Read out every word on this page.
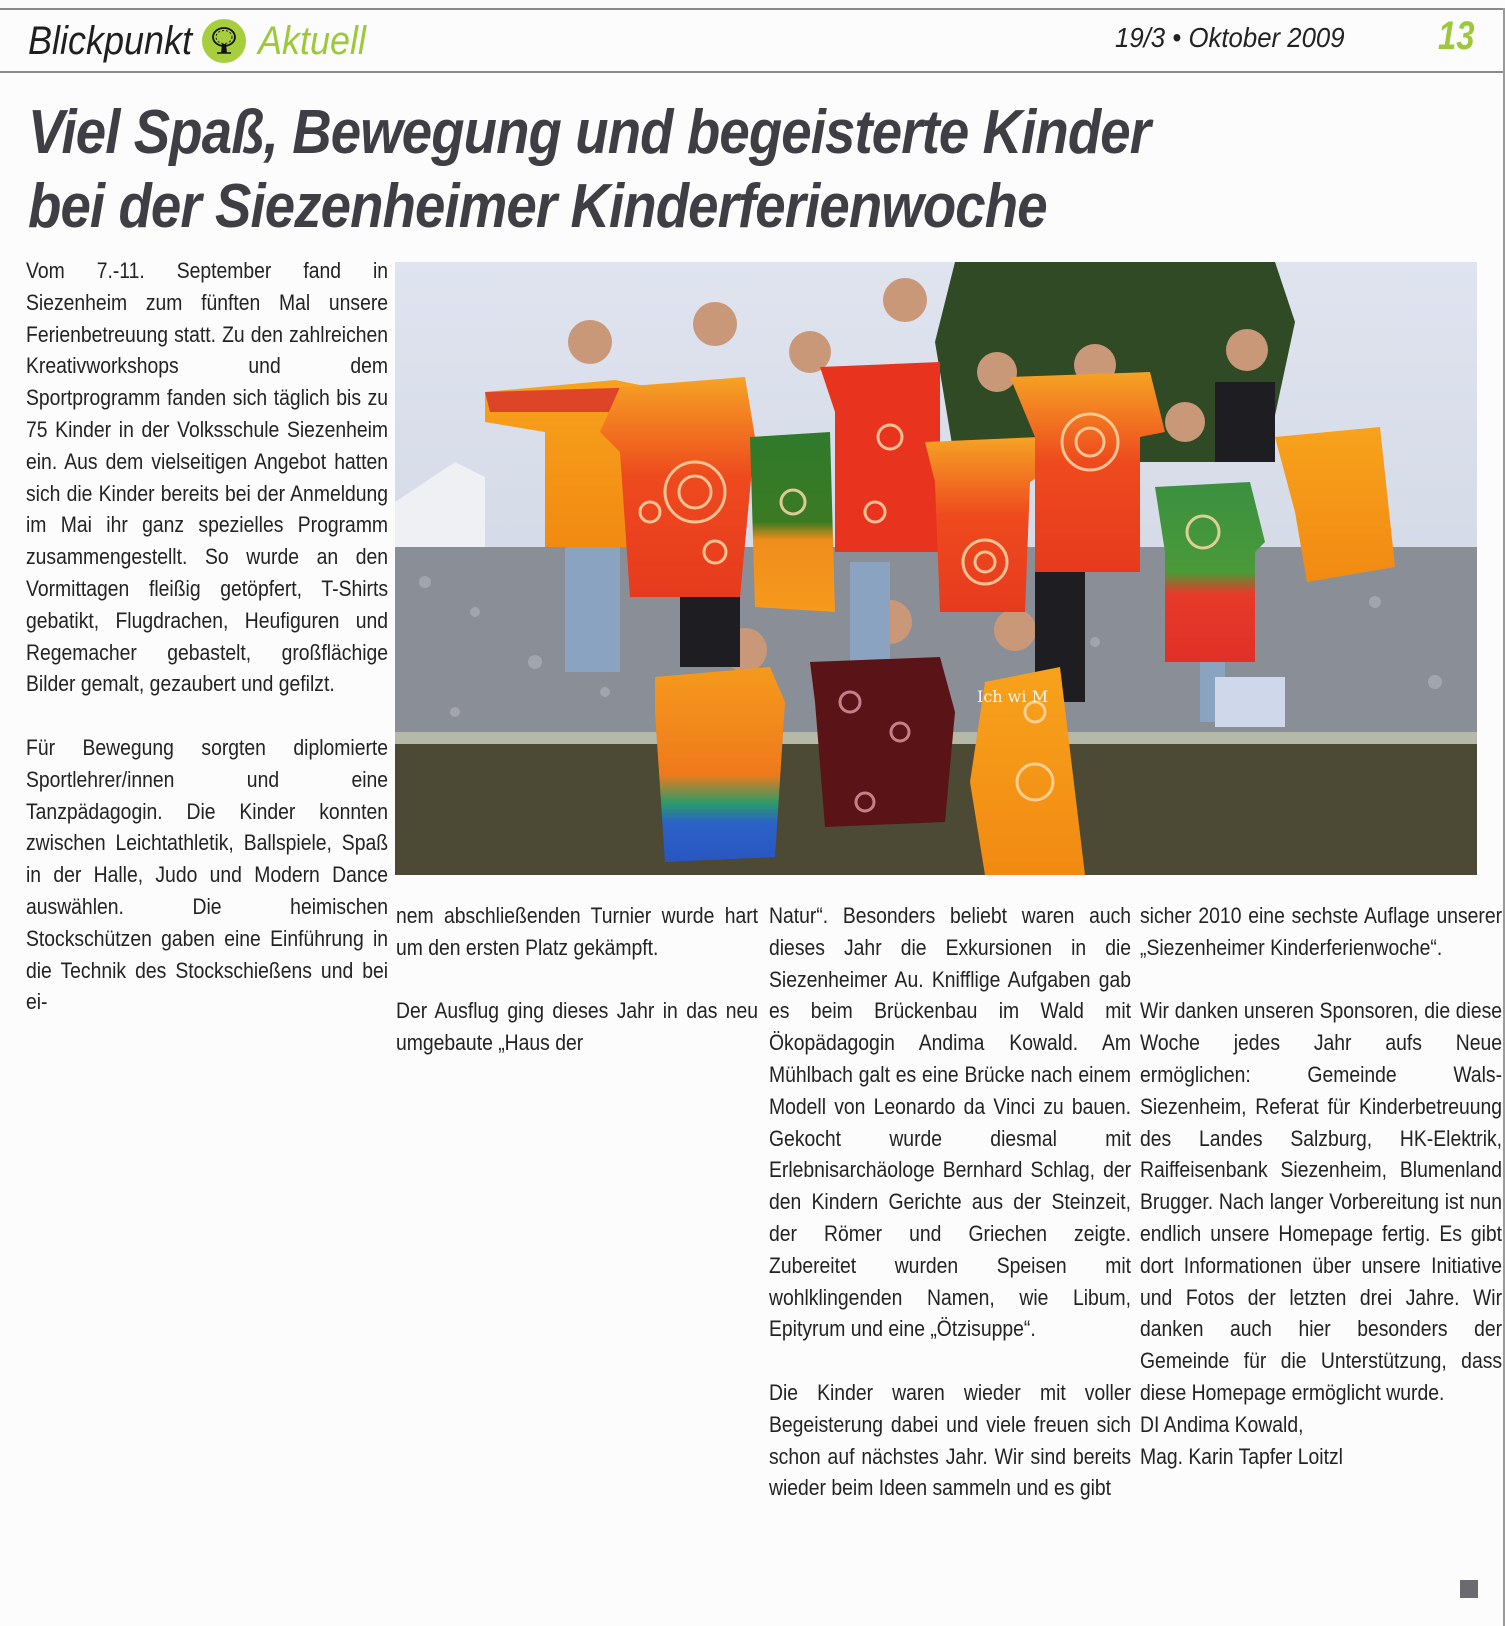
Blickpunkt Aktuell	19/3 • Oktober 2009 13
Viel Spaß, Bewegung und begeisterte Kinder
bei der Siezenheimer Kinderferienwoche

Vom 7.-11. September fand in Siezenheim zum fünften Mal unsere Ferienbetreuung statt. Zu den zahlreichen Kreativworkshops und dem Sportprogramm fanden sich täglich bis zu 75 Kinder in der Volksschule Siezenheim ein. Aus dem vielseitigen Angebot hatten sich die Kinder bereits bei der Anmeldung im Mai ihr ganz spezielles Programm zusammengestellt. So wurde an den Vormittagen fleißig getöpfert, T-Shirts gebatikt, Flugdrachen, Heufiguren und Regemacher gebastelt, großflächige Bilder gemalt, gezaubert und gefilzt.

Für Bewegung sorgten diplomierte Sportlehrer/innen und eine Tanzpädagogin. Die Kinder konnten zwischen Leichtathletik, Ballspiele, Spaß in der Halle, Judo und Modern Dance auswählen. Die heimischen Stockschützen gaben eine Einführung in die Technik des Stockschießens und bei ei-

Ich wi M

nem abschließenden Turnier wurde hart um den ersten Platz gekämpft.

Der Ausflug ging dieses Jahr in das neu umgebaute „Haus der

Natur“. Besonders beliebt waren auch dieses Jahr die Exkursionen in die Siezenheimer Au. Knifflige Aufgaben gab es beim Brückenbau im Wald mit Ökopädagogin Andima Kowald. Am Mühlbach galt es eine Brücke nach einem Modell von Leonardo da Vinci zu bauen. Gekocht wurde diesmal mit Erlebnisarchäologe Bernhard Schlag, der den Kindern Gerichte aus der Steinzeit, der Römer und Griechen zeigte. Zubereitet wurden Speisen mit wohlklingenden Namen, wie Libum, Epityrum und eine „Ötzisuppe“.

Die Kinder waren wieder mit voller Begeisterung dabei und viele freuen sich schon auf nächstes Jahr. Wir sind bereits wieder beim Ideen sammeln und es gibt

sicher 2010 eine sechste Auflage unserer „Siezenheimer Kinderferienwoche“.

Wir danken unseren Sponsoren, die diese Woche jedes Jahr aufs Neue ermöglichen: Gemeinde Wals-Siezenheim, Referat für Kinderbetreuung des Landes Salzburg, HK-Elektrik, Raiffeisenbank Siezenheim, Blumenland Brugger. Nach langer Vorbereitung ist nun endlich unsere Homepage fertig. Es gibt dort Informationen über unsere Initiative und Fotos der letzten drei Jahre. Wir danken auch hier besonders der Gemeinde für die Unterstützung, dass diese Homepage ermöglicht wurde.

DI Andima Kowald,

Mag. Karin Tapfer Loitzl
